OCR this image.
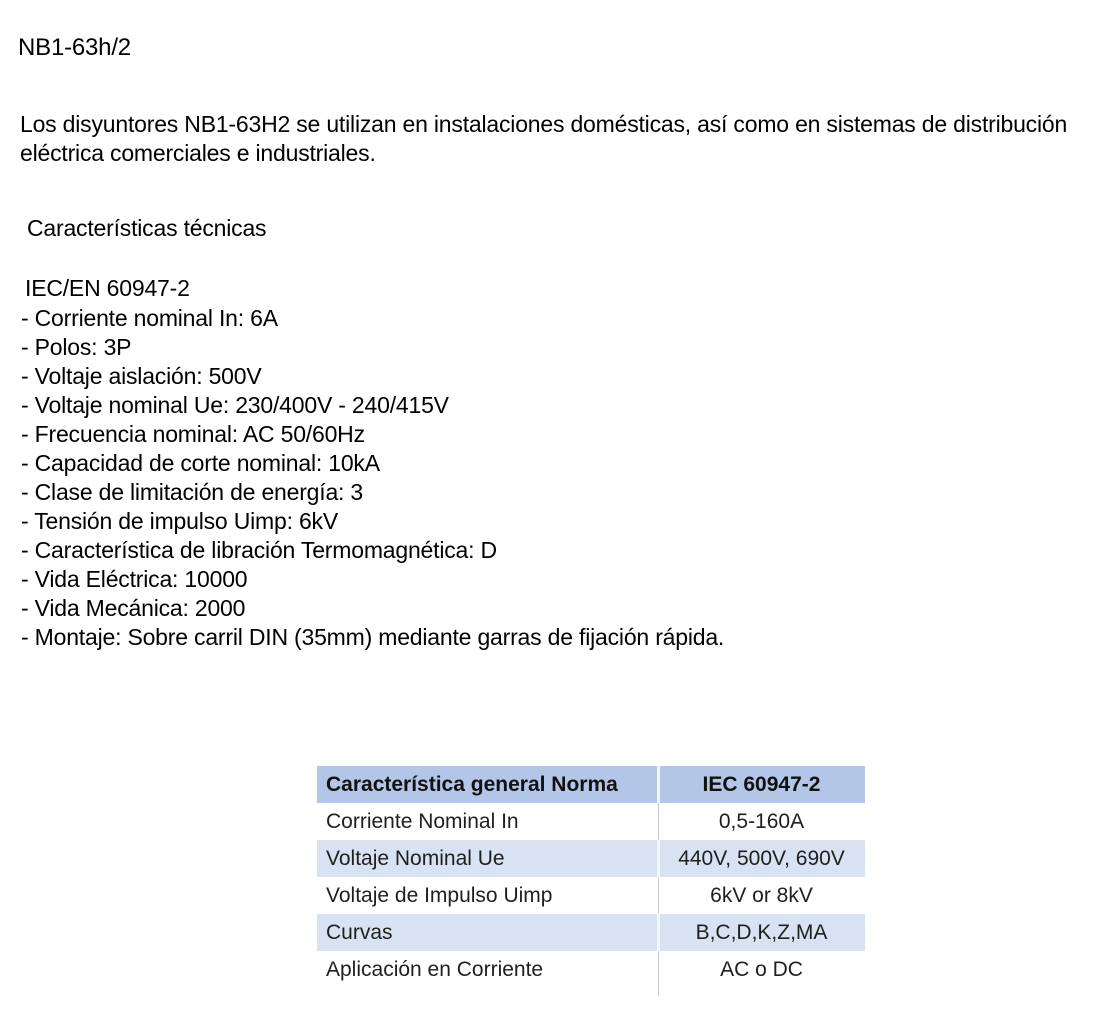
NB1-63h/2
Los disyuntores NB1-63H2 se utilizan en instalaciones domésticas, así como en sistemas de distribución eléctrica comerciales e industriales.
Características técnicas
IEC/EN 60947-2
- Corriente nominal In: 6A
- Polos: 3P
- Voltaje aislación: 500V
- Voltaje nominal Ue: 230/400V - 240/415V
- Frecuencia nominal: AC 50/60Hz
- Capacidad de corte nominal: 10kA
- Clase de limitación de energía: 3
- Tensión de impulso Uimp: 6kV
- Característica de libración Termomagnética: D
- Vida Eléctrica: 10000
- Vida Mecánica: 2000
- Montaje: Sobre carril DIN (35mm) mediante garras de fijación rápida.
Característica general Norma	IEC 60947-2
Corriente Nominal In	0,5-160A
Voltaje Nominal Ue	440V, 500V, 690V
Voltaje de Impulso Uimp	6kV or 8kV
Curvas	B,C,D,K,Z,MA
Aplicación en Corriente	AC o DC
